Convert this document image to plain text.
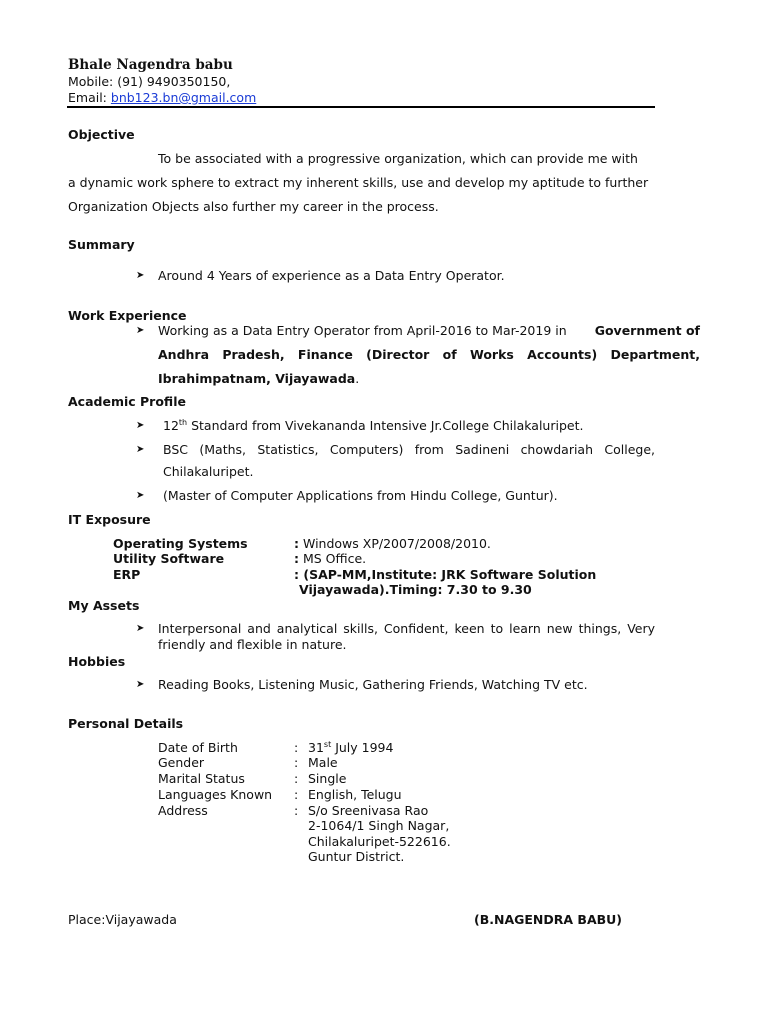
Bhale Nagendra babu
Mobile: (91) 9490350150,
Email: bnb123.bn@gmail.com
Objective
To be associated with a progressive organization, which can provide me with
a dynamic work sphere to extract my inherent skills, use and develop my aptitude to further
Organization Objects also further my career in the process.
Summary
➤ Around 4 Years of experience as a Data Entry Operator.
Work Experience
➤ Working as a Data Entry Operator from April-2016 to Mar-2019 in Government of
Andhra Pradesh, Finance (Director of Works Accounts) Department,
Ibrahimpatnam, Vijayawada.
Academic Profile
➤ 12th Standard from Vivekananda Intensive Jr.College Chilakaluripet.
➤ BSC (Maths, Statistics, Computers) from Sadineni chowdariah College,
Chilakaluripet.
➤ (Master of Computer Applications from Hindu College, Guntur).
IT Exposure
Operating Systems	: Windows XP/2007/2008/2010.
Utility Software	: MS Office.
ERP	: (SAP-MM,Institute: JRK Software Solution
Vijayawada).Timing: 7.30 to 9.30
My Assets
➤ Interpersonal and analytical skills, Confident, keen to learn new things, Very
friendly and flexible in nature.
Hobbies
➤ Reading Books, Listening Music, Gathering Friends, Watching TV etc.
Personal Details
Date of Birth	: 31st July 1994
Gender	: Male
Marital Status	: Single
Languages Known : English, Telugu
Address	: S/o Sreenivasa Rao
2-1064/1 Singh Nagar,
Chilakaluripet-522616.
Guntur District.
Place:Vijayawada	(B.NAGENDRA BABU)
